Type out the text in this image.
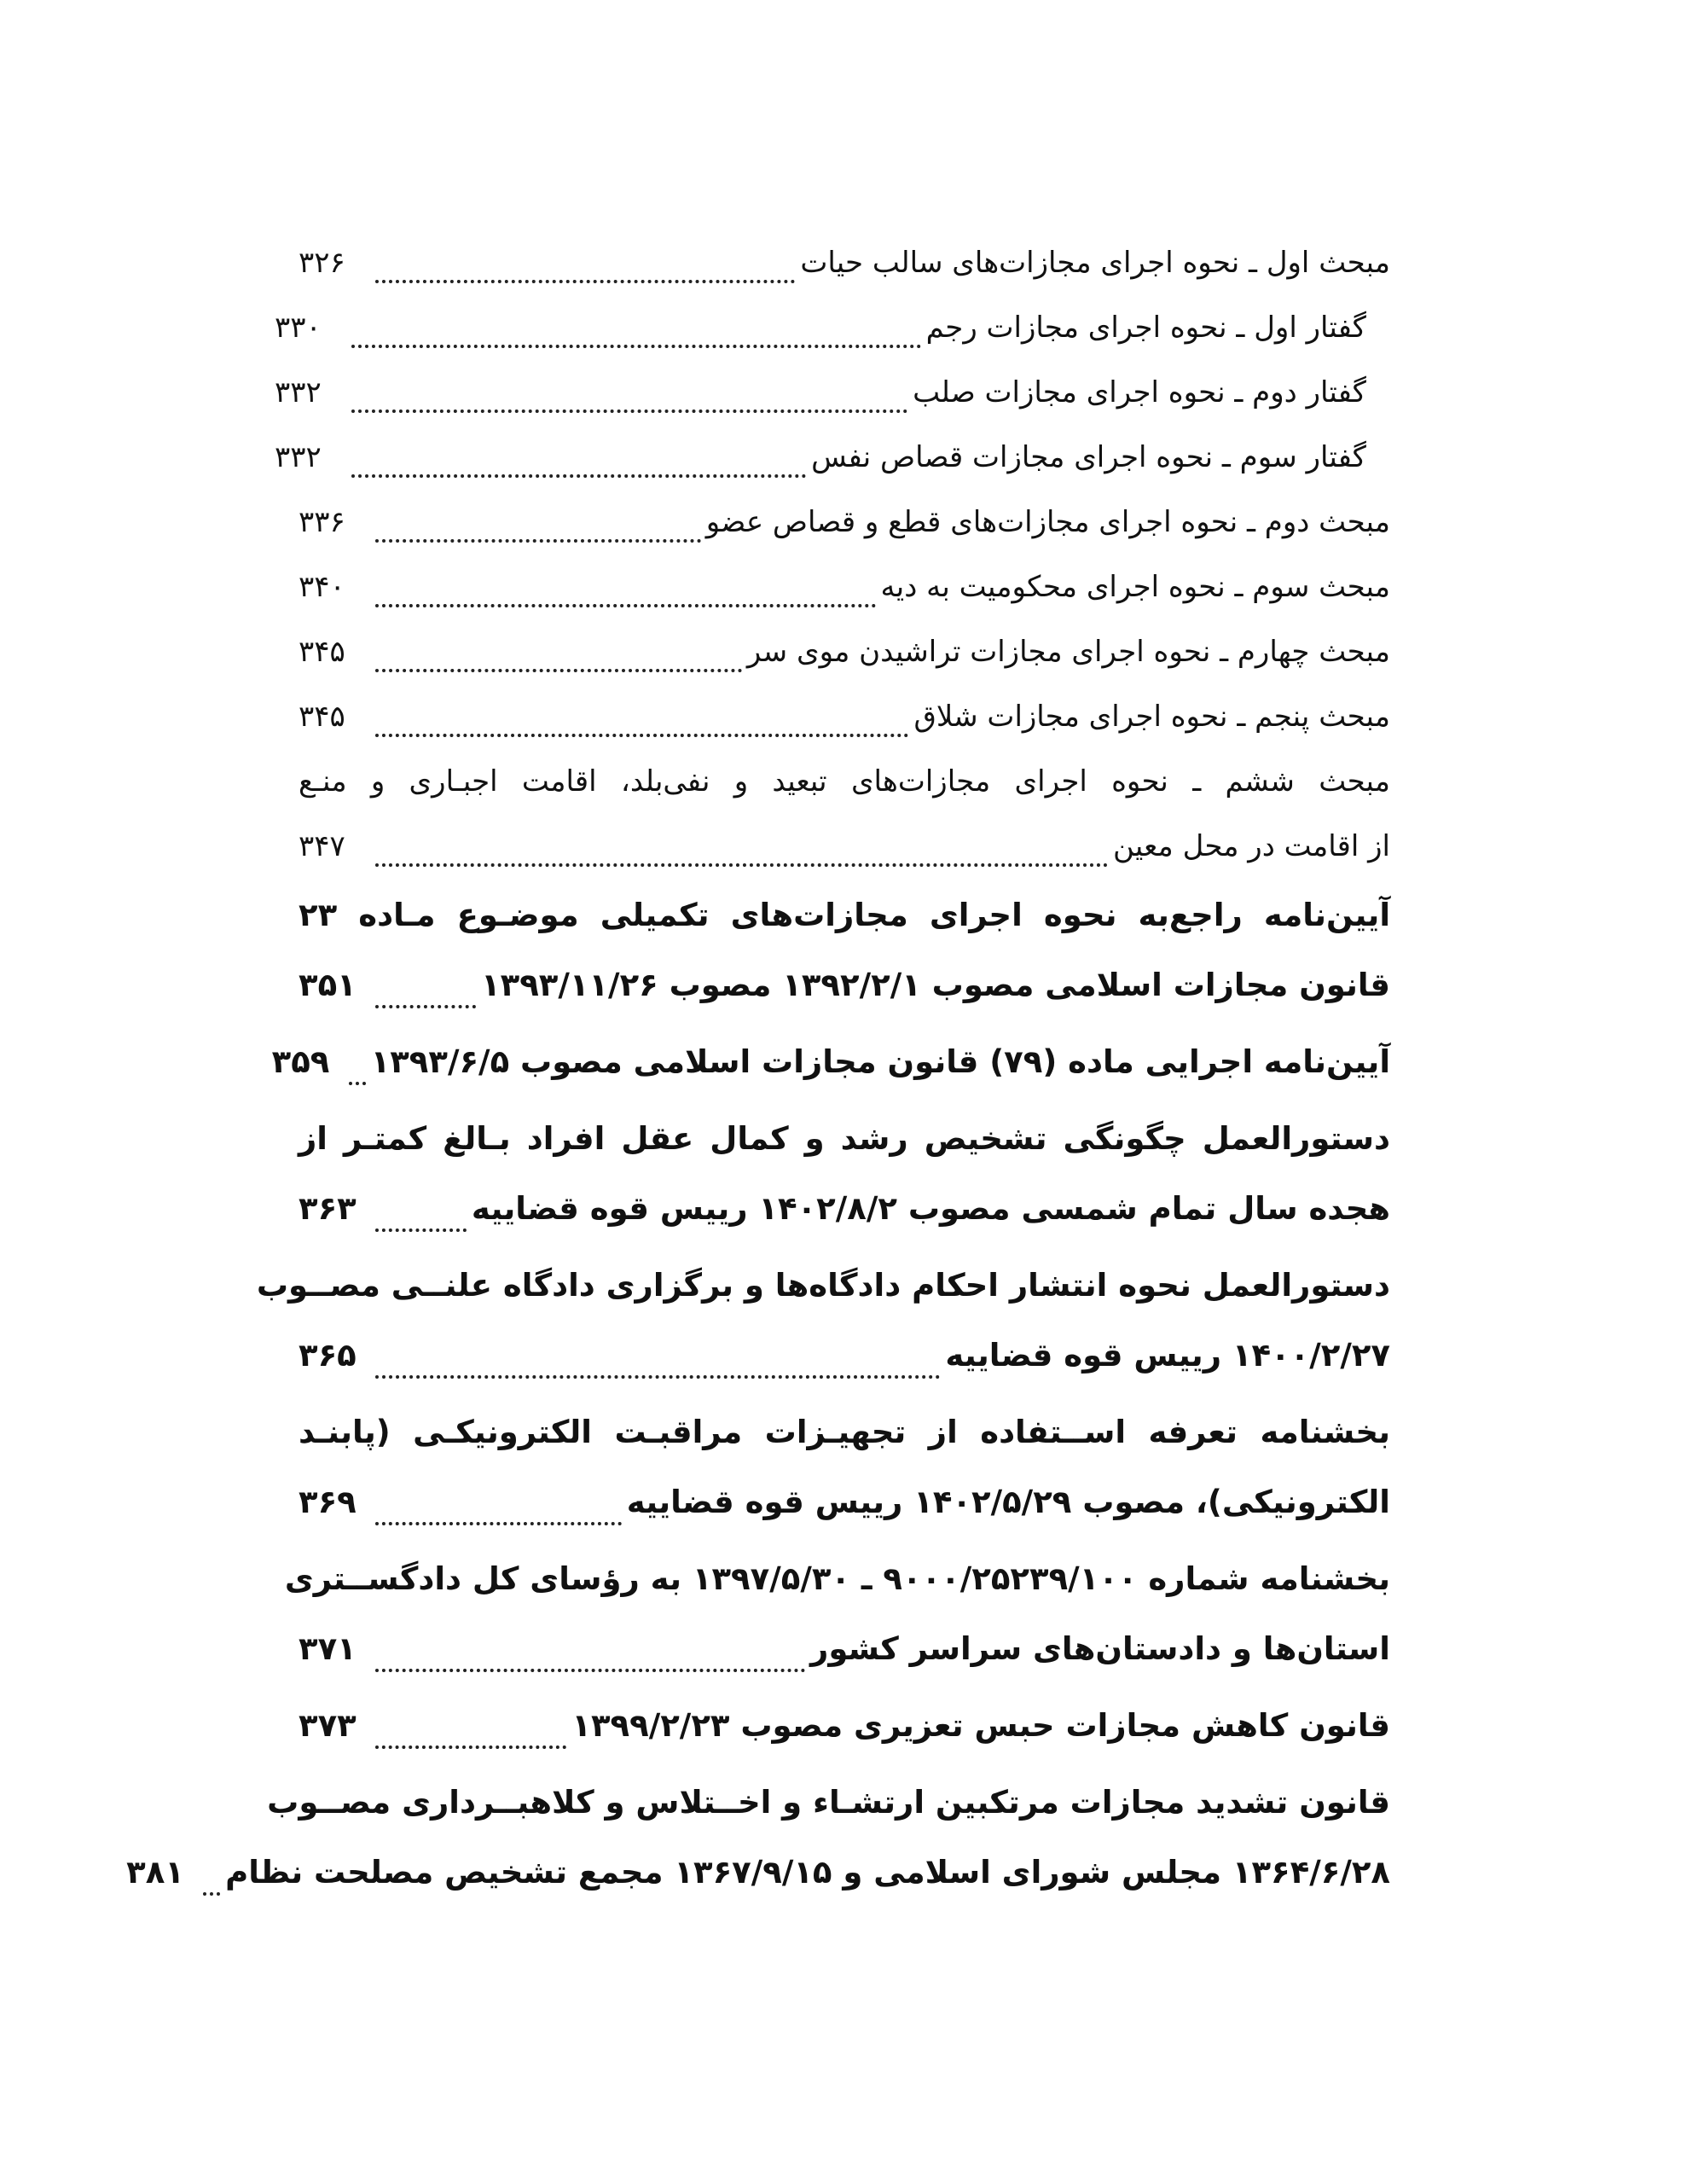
مبحث اول ـ نحوه اجرای مجازات‌های سالب حیات
۳۲۶
گفتار اول ـ نحوه اجرای مجازات رجم
۳۳۰
گفتار دوم ـ نحوه اجرای مجازات صلب
۳۳۲
گفتار سوم ـ نحوه اجرای مجازات قصاص نفس
۳۳۲
مبحث دوم ـ نحوه اجرای مجازات‌های قطع و قصاص عضو
۳۳۶
مبحث سوم ـ نحوه اجرای محکومیت به دیه
۳۴۰
مبحث چهارم ـ نحوه اجرای مجازات تراشیدن موی سر
۳۴۵
مبحث پنجم ـ نحوه اجرای مجازات شلاق
۳۴۵
مبحث ششم ـ نحوه اجرای مجازات‌های تبعید و نفی‌بلد، اقامت اجبـاری و منـع
از اقامت در محل معین
۳۴۷
آیین‌نامه راجع‌به نحوه اجرای مجازات‌های تکمیلی موضـوع مـاده ۲۳
قانون مجازات اسلامی مصوب ۱۳۹۲/۲/۱ مصوب ۱۳۹۳/۱۱/۲۶
۳۵۱
آیین‌نامه اجرایی ماده (۷۹) قانون مجازات اسلامی مصوب ۱۳۹۳/۶/۵
۳۵۹
دستورالعمل چگونگی تشخیص رشد و کمال عقل افراد بـالغ کمتـر از
هجده سال تمام شمسی مصوب ۱۴۰۲/۸/۲ رییس قوه قضاییه
۳۶۳
دستورالعمل نحوه انتشار احکام دادگاه‌ها و برگزاری دادگاه علنــی مصــوب
۱۴۰۰/۲/۲۷ رییس قوه قضاییه
۳۶۵
بخشنامه تعرفه اســتفاده از تجهیـزات مراقبـت الکترونیکـی (پابنـد
الکترونیکی)، مصوب ۱۴۰۲/۵/۲۹ رییس قوه قضاییه
۳۶۹
بخشنامه شماره ۹۰۰۰/۲۵۲۳۹/۱۰۰ ـ ۱۳۹۷/۵/۳۰ به رؤسای کل دادگســتری
استان‌ها و دادستان‌های سراسر کشور
۳۷۱
قانون کاهش مجازات حبس تعزیری مصوب ۱۳۹۹/۲/۲۳
۳۷۳
قانون تشدید مجازات مرتکبین ارتشـاء و اخــتلاس و کلاهبــرداری مصــوب
۱۳۶۴/۶/۲۸ مجلس شورای اسلامی و ۱۳۶۷/۹/۱۵ مجمع تشخیص مصلحت نظام
۳۸۱
